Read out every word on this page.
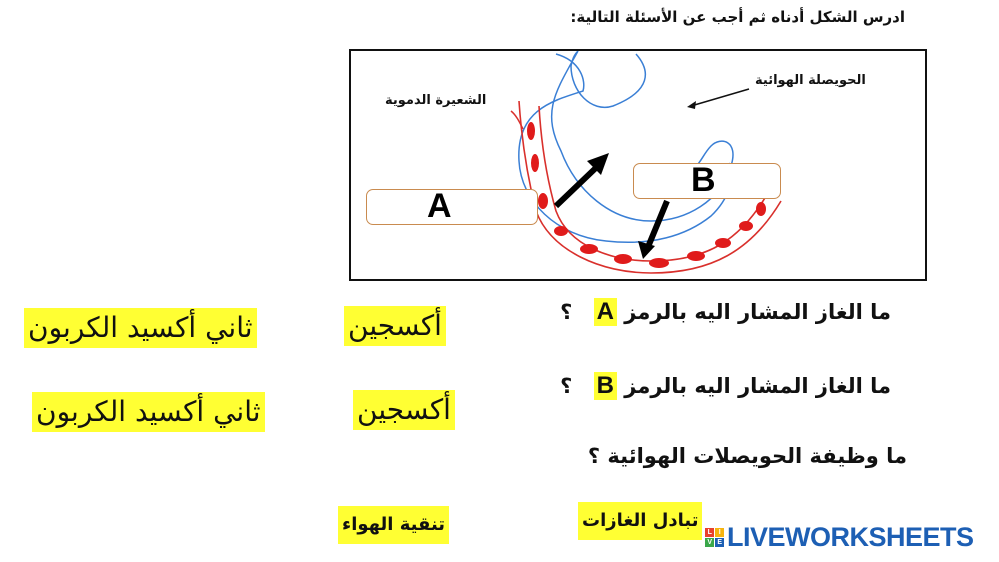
ادرس الشكل أدناه ثم أجب عن الأسئلة التالية:
الشعيرة الدموية
الحويصلة الهوائية
A
B
ما الغاز المشار اليه بالرمز A ؟
ما الغاز المشار اليه بالرمز B ؟
ما وظيفة الحويصلات الهوائية ؟
أكسجين
ثاني أكسيد الكربون
أكسجين
ثاني أكسيد الكربون
تبادل الغازات
تنقية الهواء	L	I
V E LIVEWORKSHEETS
